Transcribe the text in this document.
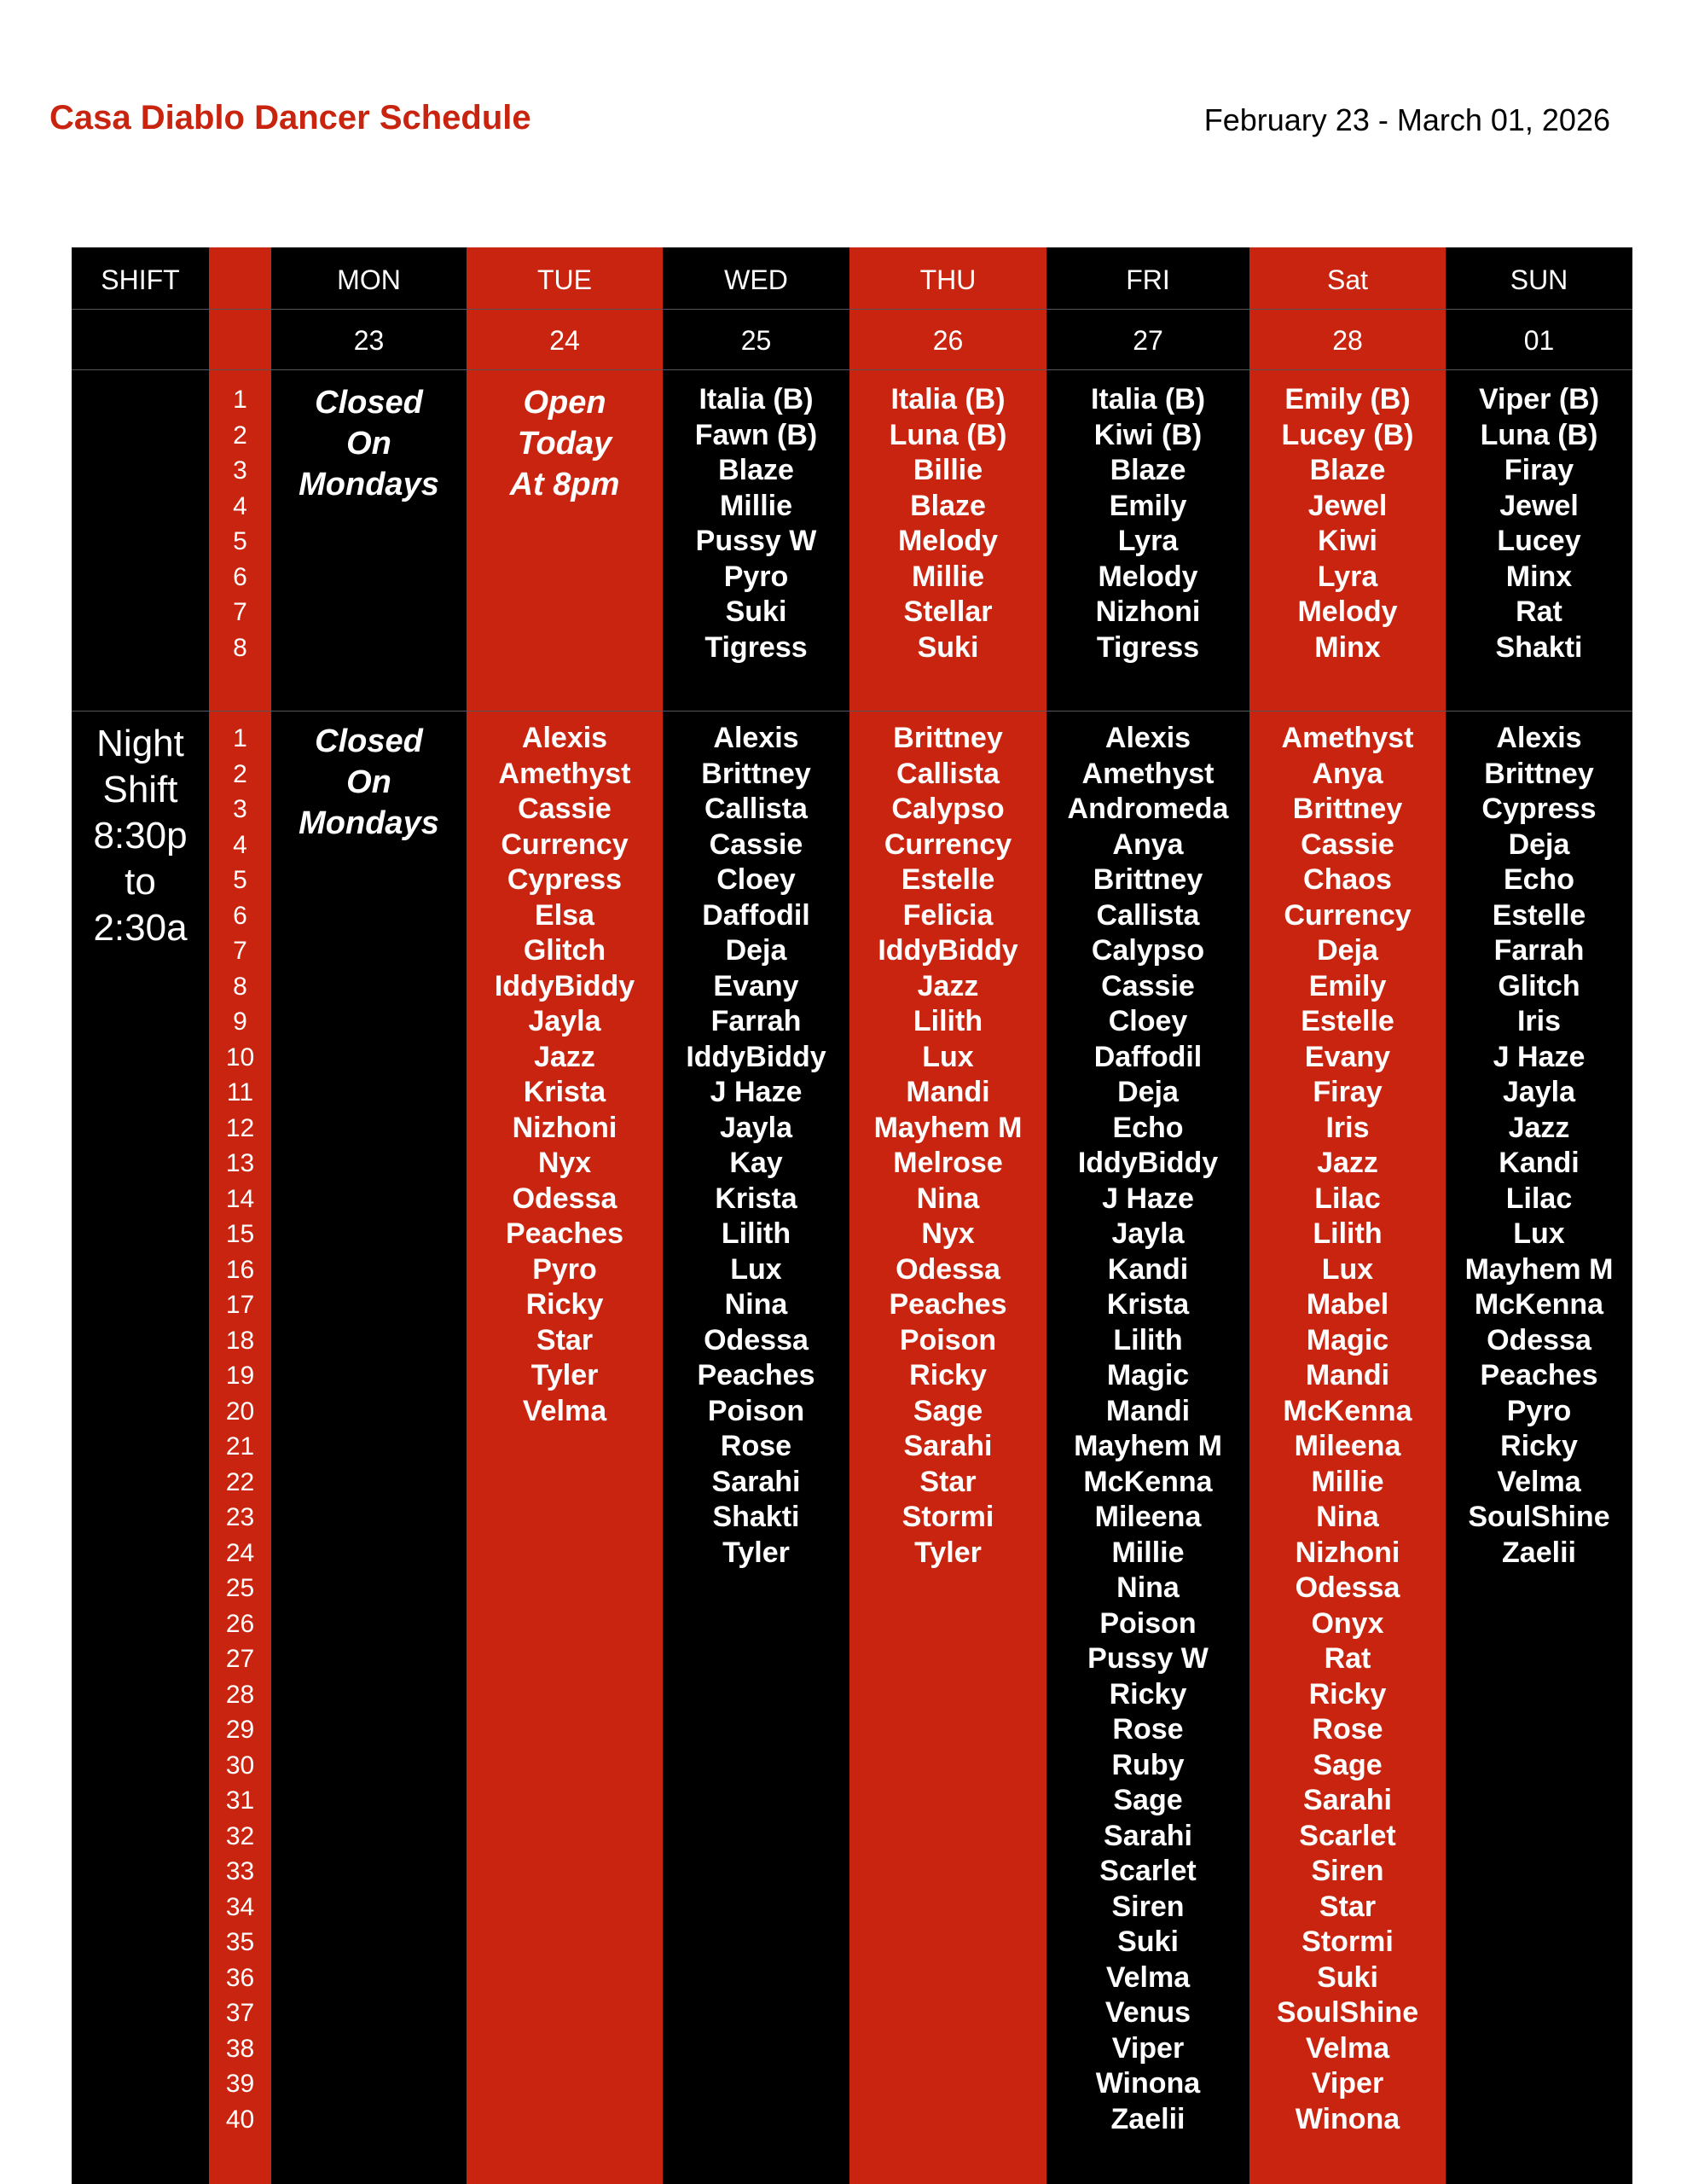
Casa Diablo Dancer Schedule	February 23 - March 01, 2026
SHIFT
Night
Shift
8:30p
to
2:30a
1
2
3
4
5
6
7
8
1
2
3
4
5
6
7
8
9
10
11
12
13
14
15
16
17
18
19
20
21
22
23
24
25
26
27
28
29
30
31
32
33
34
35
36
37
38
39
40
MON
23
Closed
On
Mondays
Closed
On
Mondays
TUE
24
Open
Today
At 8pm
Alexis
Amethyst
Cassie
Currency
Cypress
Elsa
Glitch
IddyBiddy
Jayla
Jazz
Krista
Nizhoni
Nyx
Odessa
Peaches
Pyro
Ricky
Star
Tyler
Velma
WED
25
Italia (B)
Fawn (B)
Blaze
Millie
Pussy W
Pyro
Suki
Tigress
Alexis
Brittney
Callista
Cassie
Cloey
Daffodil
Deja
Evany
Farrah
IddyBiddy
J Haze
Jayla
Kay
Krista
Lilith
Lux
Nina
Odessa
Peaches
Poison
Rose
Sarahi
Shakti
Tyler
THU
26
Italia (B)
Luna (B)
Billie
Blaze
Melody
Millie
Stellar
Suki
Brittney
Callista
Calypso
Currency
Estelle
Felicia
IddyBiddy
Jazz
Lilith
Lux
Mandi
Mayhem M
Melrose
Nina
Nyx
Odessa
Peaches
Poison
Ricky
Sage
Sarahi
Star
Stormi
Tyler
FRI
27
Italia (B)
Kiwi (B)
Blaze
Emily
Lyra
Melody
Nizhoni
Tigress
Alexis
Amethyst
Andromeda
Anya
Brittney
Callista
Calypso
Cassie
Cloey
Daffodil
Deja
Echo
IddyBiddy
J Haze
Jayla
Kandi
Krista
Lilith
Magic
Mandi
Mayhem M
McKenna
Mileena
Millie
Nina
Poison
Pussy W
Ricky
Rose
Ruby
Sage
Sarahi
Scarlet
Siren
Suki
Velma
Venus
Viper
Winona
Zaelii
Sat
28
Emily (B)
Lucey (B)
Blaze
Jewel
Kiwi
Lyra
Melody
Minx
Amethyst
Anya
Brittney
Cassie
Chaos
Currency
Deja
Emily
Estelle
Evany
Firay
Iris
Jazz
Lilac
Lilith
Lux
Mabel
Magic
Mandi
McKenna
Mileena
Millie
Nina
Nizhoni
Odessa
Onyx
Rat
Ricky
Rose
Sage
Sarahi
Scarlet
Siren
Star
Stormi
Suki
SoulShine
Velma
Viper
Winona
SUN
01
Viper (B)
Luna (B)
Firay
Jewel
Lucey
Minx
Rat
Shakti
Alexis
Brittney
Cypress
Deja
Echo
Estelle
Farrah
Glitch
Iris
J Haze
Jayla
Jazz
Kandi
Lilac
Lux
Mayhem M
McKenna
Odessa
Peaches
Pyro
Ricky
Velma
SoulShine
Zaelii
